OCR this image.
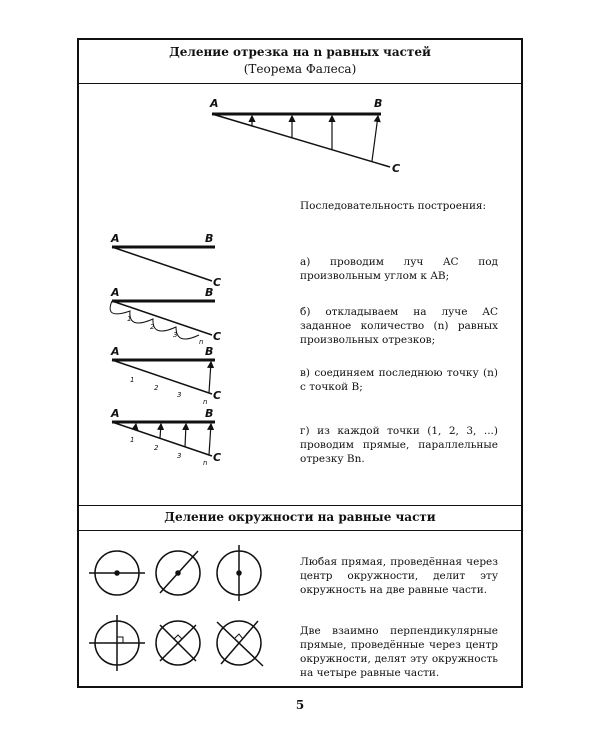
Деление отрезка на n равных частей
(Теорема Фалеса)
Деление окружности на равные части
Последовательность построения:
а) проводим луч AC под произвольным углом к AB;
б) откладываем на луче AC заданное количество (n) равных произвольных отрезков;
в) соединяем последнюю точку (n) с точкой B;
г) из каждой точки (1, 2, 3, ...) проводим прямые, параллельные отрезку Bn.
Любая прямая, проведённая через центр окружности, делит эту окружность на две равные части.
Две взаимно перпендикулярные прямые, проведённые через центр окружности, делят эту окружность на четыре равные части.
5
A	B
C
A	B
C
1
2
3
n
A	B
C
1
2
3
n
A	B
C
1
2
3
n
A	B
C
